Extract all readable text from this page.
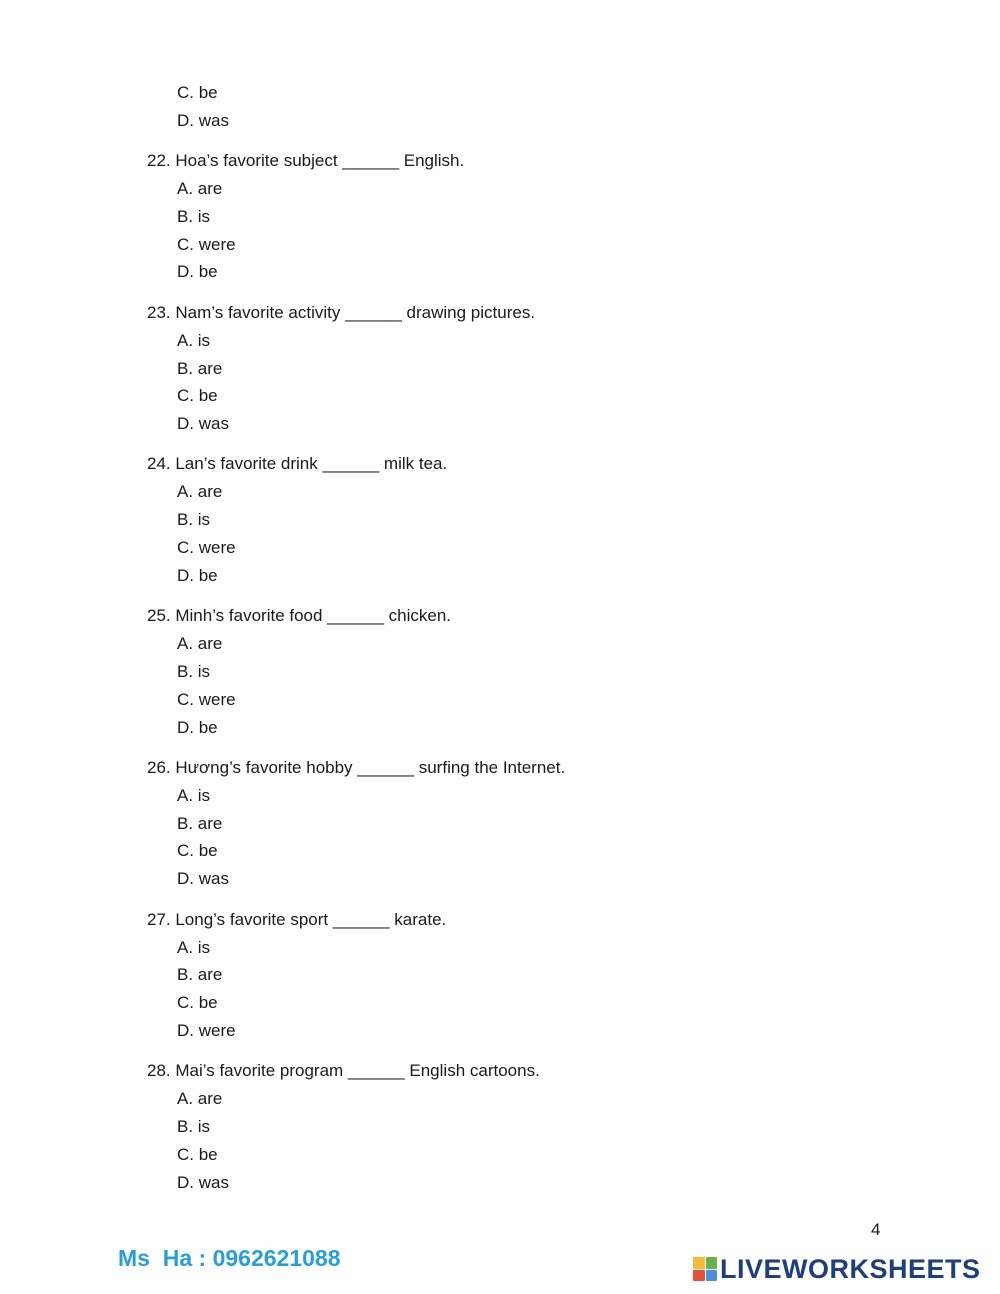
C. be
D. was
22. Hoa’s favorite subject ______ English.
A. are
B. is
C. were
D. be
23. Nam’s favorite activity ______ drawing pictures.
A. is
B. are
C. be
D. was
24. Lan’s favorite drink ______ milk tea.
A. are
B. is
C. were
D. be
25. Minh’s favorite food ______ chicken.
A. are
B. is
C. were
D. be
26. Hương’s favorite hobby ______ surfing the Internet.
A. is
B. are
C. be
D. was
27. Long’s favorite sport ______ karate.
A. is
B. are
C. be
D. were
28. Mai’s favorite program ______ English cartoons.
A. are
B. is
C. be
D. was
4
Ms  Ha : 0962621088	LIVEWORKSHEETS
